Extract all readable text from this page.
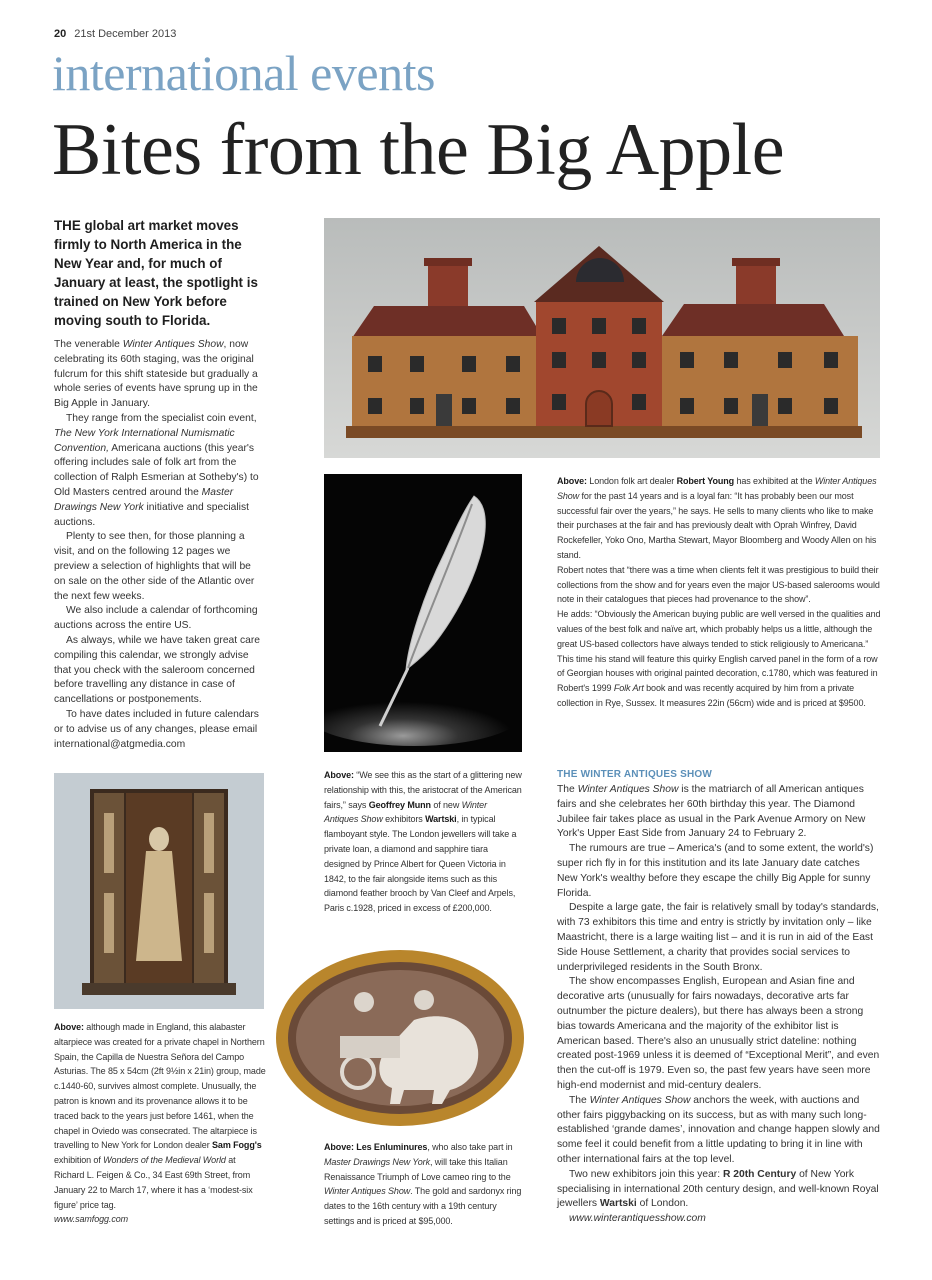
20 21st December 2013
international events
Bites from the Big Apple
THE global art market moves firmly to North America in the New Year and, for much of January at least, the spotlight is trained on New York before moving south to Florida.

The venerable Winter Antiques Show, now celebrating its 60th staging, was the original fulcrum for this shift stateside but gradually a whole series of events have sprung up in the Big Apple in January.

They range from the specialist coin event, The New York International Numismatic Convention, Americana auctions (this year's offering includes sale of folk art from the collection of Ralph Esmerian at Sotheby's) to Old Masters centred around the Master Drawings New York initiative and specialist auctions.

Plenty to see then, for those planning a visit, and on the following 12 pages we preview a selection of highlights that will be on sale on the other side of the Atlantic over the next few weeks.

We also include a calendar of forthcoming auctions across the entire US.

As always, while we have taken great care compiling this calendar, we strongly advise that you check with the saleroom concerned before travelling any distance in case of cancellations or postponements.

To have dates included in future calendars or to advise us of any changes, please email international@atgmedia.com

Above: London folk art dealer Robert Young has exhibited at the Winter Antiques Show for the past 14 years and is a loyal fan: “It has probably been our most successful fair over the years,” he says. He sells to many clients who like to make their purchases at the fair and has previously dealt with Oprah Winfrey, David Rockefeller, Yoko Ono, Martha Stewart, Mayor Bloomberg and Woody Allen on his stand.

Robert notes that “there was a time when clients felt it was prestigious to build their collections from the show and for years even the major US-based salerooms would note in their catalogues that pieces had provenance to the show”.

He adds: “Obviously the American buying public are well versed in the qualities and values of the best folk and naïve art, which probably helps us a little, although the great US-based collectors have always tended to stick religiously to Americana.”

This time his stand will feature this quirky English carved panel in the form of a row of Georgian houses with original painted decoration, c.1780, which was featured in Robert's 1999 Folk Art book and was recently acquired by him from a private collection in Rye, Sussex. It measures 22in (56cm) wide and is priced at $9500.

Above: “We see this as the start of a glittering new relationship with this, the aristocrat of the American fairs,” says Geoffrey Munn of new Winter Antiques Show exhibitors Wartski, in typical flamboyant style. The London jewellers will take a private loan, a diamond and sapphire tiara designed by Prince Albert for Queen Victoria in 1842, to the fair alongside items such as this diamond feather brooch by Van Cleef and Arpels, Paris c.1928, priced in excess of £200,000.
Above: Les Enluminures, who also take part in Master Drawings New York, will take this Italian Renaissance Triumph of Love cameo ring to the Winter Antiques Show. The gold and sardonyx ring dates to the 16th century with a 19th century settings and is priced at $95,000.

Above: although made in England, this alabaster altarpiece was created for a private chapel in Northern Spain, the Capilla de Nuestra Señora del Campo Asturias. The 85 x 54cm (2ft 9½in x 21in) group, made c.1440-60, survives almost complete. Unusually, the patron is known and its provenance allows it to be traced back to the years just before 1461, when the chapel in Oviedo was consecrated. The altarpiece is travelling to New York for London dealer Sam Fogg's exhibition of Wonders of the Medieval World at Richard L. Feigen & Co., 34 East 69th Street, from January 22 to March 17, where it has a ‘modest-six figure’ price tag.

www.samfogg.com

THE WINTER ANTIQUES SHOW

The Winter Antiques Show is the matriarch of all American antiques fairs and she celebrates her 60th birthday this year. The Diamond Jubilee fair takes place as usual in the Park Avenue Armory on New York's Upper East Side from January 24 to February 2.

The rumours are true – America's (and to some extent, the world's) super rich fly in for this institution and its late January date catches New York's wealthy before they escape the chilly Big Apple for sunny Florida.

Despite a large gate, the fair is relatively small by today's standards, with 73 exhibitors this time and entry is strictly by invitation only – like Maastricht, there is a large waiting list – and it is run in aid of the East Side House Settlement, a charity that provides social services to underprivileged residents in the South Bronx.

The show encompasses English, European and Asian fine and decorative arts (unusually for fairs nowadays, decorative arts far outnumber the picture dealers), but there has always been a strong bias towards Americana and the majority of the exhibitor list is American based. There's also an unusually strict dateline: nothing created post-1969 unless it is deemed of “Exceptional Merit”, and even then the cut-off is 1979. Even so, the past few years have seen more high-end modernist and mid-century dealers.

The Winter Antiques Show anchors the week, with auctions and other fairs piggybacking on its success, but as with many such long-established ‘grande dames’, innovation and change happen slowly and some feel it could benefit from a little updating to bring it in line with other international fairs at the top level.

Two new exhibitors join this year: R 20th Century of New York specialising in international 20th century design, and well-known Royal jewellers Wartski of London.

www.winterantiquesshow.com
